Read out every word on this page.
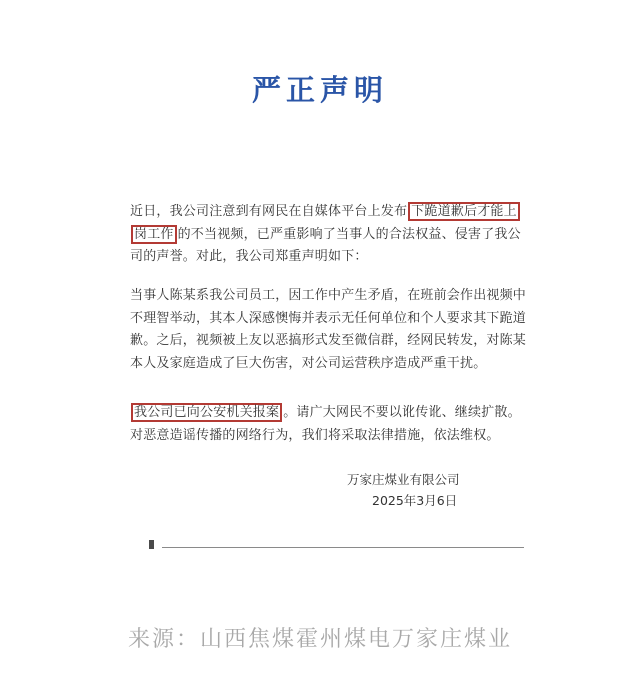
严正声明
近日，我公司注意到有网民在自媒体平台上发布 下跪道歉后才能上
岗工作 的不当视频，已严重影响了当事人的合法权益、侵害了我公司的声誉。对此，我公司郑重声明如下：
当事人陈某系我公司员工，因工作中产生矛盾，在班前会作出视频中不理智举动，其本人深感懊悔并表示无任何单位和个人要求其下跪道歉。之后，视频被上友以恶搞形式发至微信群，经网民转发，对陈某本人及家庭造成了巨大伤害，对公司运营秩序造成严重干扰。
我公司已向公安机关报案 。请广大网民不要以讹传讹、继续扩散。对恶意造谣传播的网络行为，我们将采取法律措施，依法维权。
万家庄煤业有限公司
2025年3月6日
来源：山西焦煤霍州煤电万家庄煤业
